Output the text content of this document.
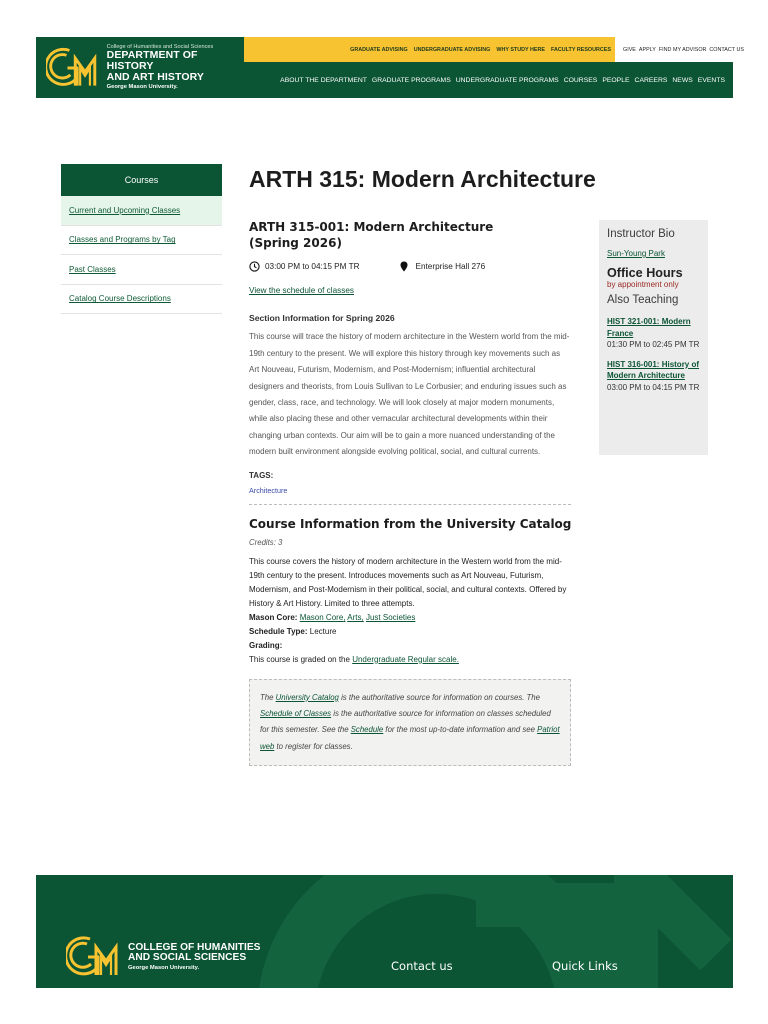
College of Humanities and Social Sciences
DEPARTMENT OF HISTORY
AND ART HISTORY
George Mason University.
GRADUATE ADVISING UNDERGRADUATE ADVISING WHY STUDY HERE FACULTY RESOURCES GIVE APPLY FIND MY ADVISOR CONTACT US
ABOUT THE DEPARTMENT GRADUATE PROGRAMS UNDERGRADUATE PROGRAMS COURSES PEOPLE CAREERS NEWS EVENTS
Courses
Current and Upcoming Classes
Classes and Programs by Tag
Past Classes
Catalog Course Descriptions
ARTH 315: Modern Architecture
ARTH 315-001: Modern Architecture
(Spring 2026)
03:00 PM to 04:15 PM TR	Enterprise Hall 276
View the schedule of classes
Section Information for Spring 2026

This course will trace the history of modern architecture in the Western world from the mid-19th century to the present. We will explore this history through key movements such as Art Nouveau, Futurism, Modernism, and Post-Modernism; influential architectural designers and theorists, from Louis Sullivan to Le Corbusier; and enduring issues such as gender, class, race, and technology. We will look closely at major modern monuments, while also placing these and other vernacular architectural developments within their changing urban contexts. Our aim will be to gain a more nuanced understanding of the modern built environment alongside evolving political, social, and cultural currents.

TAGS:
Architecture
Course Information from the University Catalog
Credits: 3

This course covers the history of modern architecture in the Western world from the mid-19th century to the present. Introduces movements such as Art Nouveau, Futurism, Modernism, and Post-Modernism in their political, social, and cultural contexts. Offered by History & Art History. Limited to three attempts.

Mason Core: Mason Core, Arts, Just Societies
Schedule Type: Lecture
Grading:
This course is graded on the Undergraduate Regular scale.
The University Catalog is the authoritative source for information on courses. The Schedule of Classes is the authoritative source for information on classes scheduled for this semester. See the Schedule for the most up-to-date information and see Patriot web to register for classes.
Instructor Bio
Sun-Young Park
Office Hours
by appointment only
Also Teaching
HIST 321-001: Modern France
01:30 PM to 02:45 PM TR
HIST 316-001: History of Modern Architecture
03:00 PM to 04:15 PM TR
COLLEGE OF HUMANITIES
AND SOCIAL SCIENCES
George Mason University.	Contact us	Quick Links
